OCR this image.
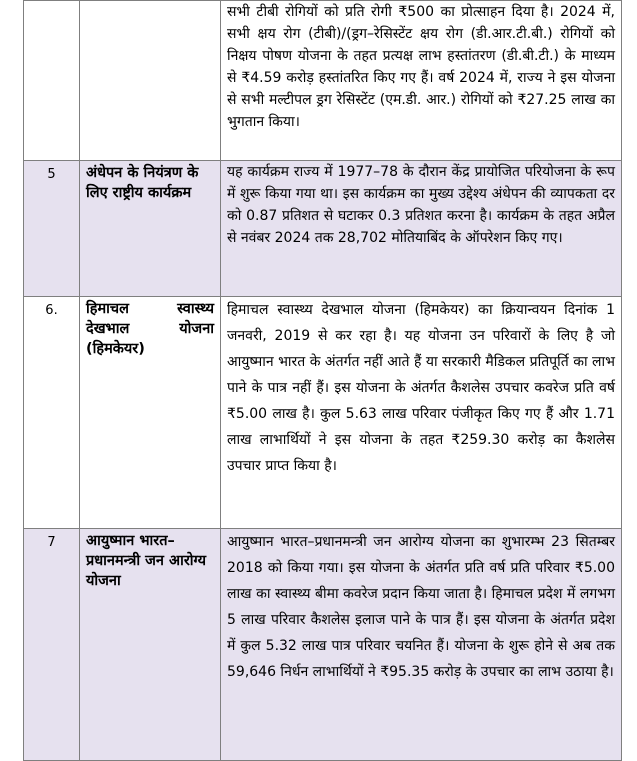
		सभी टीबी रोगियों को प्रति रोगी ₹500 का प्रोत्साहन दिया है। 2024 में, सभी क्षय रोग (टीबी)/(ड्रग–रेसिस्टेंट क्षय रोग (डी.आर.टी.बी.) रोगियों को निक्षय पोषण योजना के तहत प्रत्यक्ष लाभ हस्तांतरण (डी.बी.टी.) के माध्यम से ₹4.59 करोड़ हस्तांतरित किए गए हैं। वर्ष 2024 में, राज्य ने इस योजना से सभी मल्टीपल ड्रग रेसिस्टेंट (एम.डी. आर.) रोगियों को ₹27.25 लाख का भुगतान किया।
5	अंधेपन के नियंत्रण के लिए राष्ट्रीय कार्यक्रम	यह कार्यक्रम राज्य में 1977–78 के दौरान केंद्र प्रायोजित परियोजना के रूप में शुरू किया गया था। इस कार्यक्रम का मुख्य उद्देश्य अंधेपन की व्यापकता दर को 0.87 प्रतिशत से घटाकर 0.3 प्रतिशत करना है। कार्यक्रम के तहत अप्रैल से नवंबर 2024 तक 28,702 मोतियाबिंद के ऑपरेशन किए गए।
6.	हिमाचल स्वास्थ्य देखभाल योजना (हिमकेयर)	हिमाचल स्वास्थ्य देखभाल योजना (हिमकेयर) का क्रियान्वयन दिनांक 1 जनवरी, 2019 से कर रहा है। यह योजना उन परिवारों के लिए है जो आयुष्मान भारत के अंतर्गत नहीं आते हैं या सरकारी मैडिकल प्रतिपूर्ति का लाभ पाने के पात्र नहीं हैं। इस योजना के अंतर्गत कैशलेस उपचार कवरेज प्रति वर्ष ₹5.00 लाख है। कुल 5.63 लाख परिवार पंजीकृत किए गए हैं और 1.71 लाख लाभार्थियों ने इस योजना के तहत ₹259.30 करोड़ का कैशलेस उपचार प्राप्त किया है।
7	आयुष्मान भारत–प्रधानमन्त्री जन आरोग्य योजना	आयुष्मान भारत–प्रधानमन्त्री जन आरोग्य योजना का शुभारम्भ 23 सितम्बर 2018 को किया गया। इस योजना के अंतर्गत प्रति वर्ष प्रति परिवार ₹5.00 लाख का स्वास्थ्य बीमा कवरेज प्रदान किया जाता है। हिमाचल प्रदेश में लगभग 5 लाख परिवार कैशलेस इलाज पाने के पात्र हैं। इस योजना के अंतर्गत प्रदेश में कुल 5.32 लाख पात्र परिवार चयनित हैं। योजना के शुरू होने से अब तक 59,646 निर्धन लाभार्थियों ने ₹95.35 करोड़ के उपचार का लाभ उठाया है।
